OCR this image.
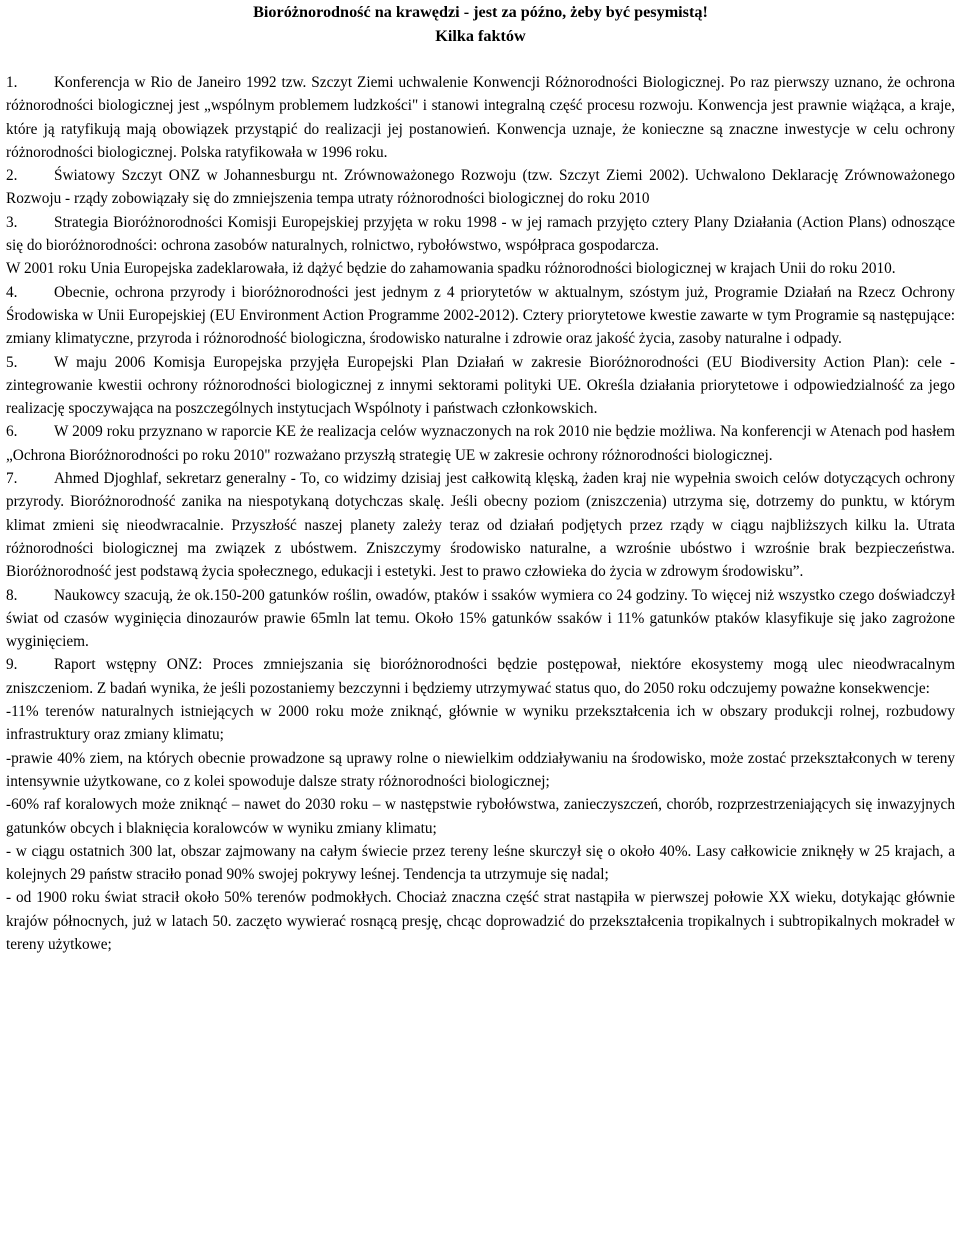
Bioróżnorodność na krawędzi - jest za późno, żeby być pesymistą!
Kilka faktów

1. Konferencja w Rio de Janeiro 1992 tzw. Szczyt Ziemi uchwalenie Konwencji Różnorodności Biologicznej. Po raz pierwszy uznano, że ochrona różnorodności biologicznej jest „wspólnym problemem ludzkości" i stanowi integralną część procesu rozwoju. Konwencja jest prawnie wiążąca, a kraje, które ją ratyfikują mają obowiązek przystąpić do realizacji jej postanowień. Konwencja uznaje, że konieczne są znaczne inwestycje w celu ochrony różnorodności biologicznej. Polska ratyfikowała w 1996 roku.

2. Światowy Szczyt ONZ w Johannesburgu nt. Zrównoważonego Rozwoju (tzw. Szczyt Ziemi 2002). Uchwalono Deklarację Zrównoważonego Rozwoju - rządy zobowiązały się do zmniejszenia tempa utraty różnorodności biologicznej do roku 2010

3. Strategia Bioróżnorodności Komisji Europejskiej przyjęta w roku 1998 - w jej ramach przyjęto cztery Plany Działania (Action Plans) odnoszące się do bioróżnorodności: ochrona zasobów naturalnych, rolnictwo, rybołówstwo, współpraca gospodarcza.

W 2001 roku Unia Europejska zadeklarowała, iż dążyć będzie do zahamowania spadku różnorodności biologicznej w krajach Unii do roku 2010.

4. Obecnie, ochrona przyrody i bioróżnorodności jest jednym z 4 priorytetów w aktualnym, szóstym już, Programie Działań na Rzecz Ochrony Środowiska w Unii Europejskiej (EU Environment Action Programme 2002-2012). Cztery priorytetowe kwestie zawarte w tym Programie są następujące: zmiany klimatyczne, przyroda i różnorodność biologiczna, środowisko naturalne i zdrowie oraz jakość życia, zasoby naturalne i odpady.

5. W maju 2006 Komisja Europejska przyjęła Europejski Plan Działań w zakresie Bioróżnorodności (EU Biodiversity Action Plan): cele - zintegrowanie kwestii ochrony różnorodności biologicznej z innymi sektorami polityki UE. Określa działania priorytetowe i odpowiedzialność za jego realizację spoczywająca na poszczególnych instytucjach Wspólnoty i państwach członkowskich.

6. W 2009 roku przyznano w raporcie KE że realizacja celów wyznaczonych na rok 2010 nie będzie możliwa. Na konferencji w Atenach pod hasłem „Ochrona Bioróżnorodności po roku 2010" rozważano przyszłą strategię UE w zakresie ochrony różnorodności biologicznej.

7. Ahmed Djoghlaf, sekretarz generalny - To, co widzimy dzisiaj jest całkowitą klęską, żaden kraj nie wypełnia swoich celów dotyczących ochrony przyrody. Bioróżnorodność zanika na niespotykaną dotychczas skalę. Jeśli obecny poziom (zniszczenia) utrzyma się, dotrzemy do punktu, w którym klimat zmieni się nieodwracalnie. Przyszłość naszej planety zależy teraz od działań podjętych przez rządy w ciągu najbliższych kilku la. Utrata różnorodności biologicznej ma związek z ubóstwem. Zniszczymy środowisko naturalne, a wzrośnie ubóstwo i wzrośnie brak bezpieczeństwa. Bioróżnorodność jest podstawą życia społecznego, edukacji i estetyki. Jest to prawo człowieka do życia w zdrowym środowisku”.

8. Naukowcy szacują, że ok.150-200 gatunków roślin, owadów, ptaków i ssaków wymiera co 24 godziny. To więcej niż wszystko czego doświadczył świat od czasów wyginięcia dinozaurów prawie 65mln lat temu. Około 15% gatunków ssaków i 11% gatunków ptaków klasyfikuje się jako zagrożone wyginięciem.

9. Raport wstępny ONZ: Proces zmniejszania się bioróżnorodności będzie postępował, niektóre ekosystemy mogą ulec nieodwracalnym zniszczeniom. Z badań wynika, że jeśli pozostaniemy bezczynni i będziemy utrzymywać status quo, do 2050 roku odczujemy poważne konsekwencje:

-11% terenów naturalnych istniejących w 2000 roku może zniknąć, głównie w wyniku przekształcenia ich w obszary produkcji rolnej, rozbudowy infrastruktury oraz zmiany klimatu;

-prawie 40% ziem, na których obecnie prowadzone są uprawy rolne o niewielkim oddziaływaniu na środowisko, może zostać przekształconych w tereny intensywnie użytkowane, co z kolei spowoduje dalsze straty różnorodności biologicznej;

-60% raf koralowych może zniknąć – nawet do 2030 roku – w następstwie rybołówstwa, zanieczyszczeń, chorób, rozprzestrzeniających się inwazyjnych gatunków obcych i blaknięcia koralowców w wyniku zmiany klimatu;

- w ciągu ostatnich 300 lat, obszar zajmowany na całym świecie przez tereny leśne skurczył się o około 40%. Lasy całkowicie zniknęły w 25 krajach, a kolejnych 29 państw straciło ponad 90% swojej pokrywy leśnej. Tendencja ta utrzymuje się nadal;

- od 1900 roku świat stracił około 50% terenów podmokłych. Chociaż znaczna część strat nastąpiła w pierwszej połowie XX wieku, dotykając głównie krajów północnych, już w latach 50. zaczęto wywierać rosnącą presję, chcąc doprowadzić do przekształcenia tropikalnych i subtropikalnych mokradeł w tereny użytkowe;
